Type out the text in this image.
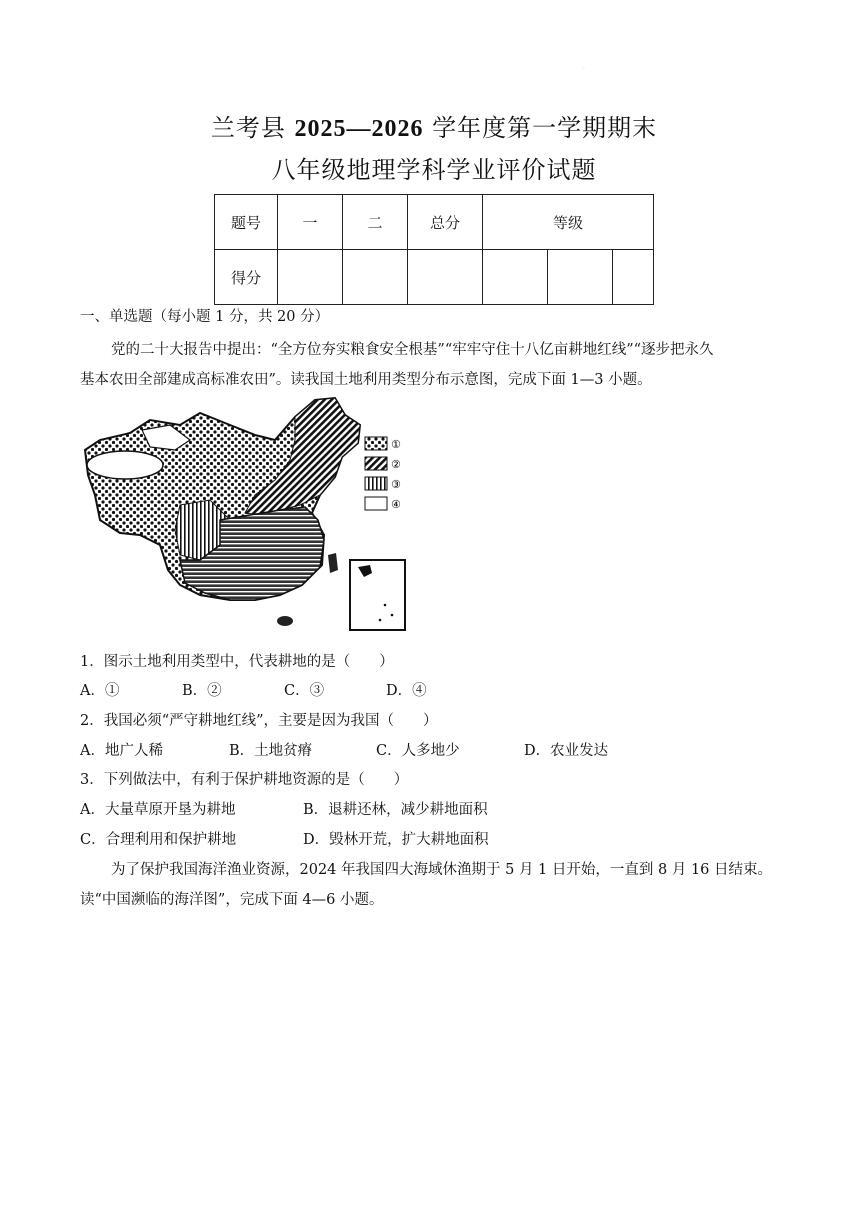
·
兰考县 2025—2026 学年度第一学期期末
八年级地理学科学业评价试题
题号	一	二	总分	等级		
得分						
一、单选题（每小题 1 分，共 20 分）
党的二十大报告中提出：“全方位夯实粮食安全根基”“牢牢守住十八亿亩耕地红线”“逐步把永久
基本农田全部建成高标准农田”。读我国土地利用类型分布示意图，完成下面 1—3 小题。
①
②
③
④
1．图示土地利用类型中，代表耕地的是（　　）
A．①	B．②	C．③	D．④
2．我国必须“严守耕地红线”，主要是因为我国（　　）
A．地广人稀	B．土地贫瘠	C．人多地少	D．农业发达
3．下列做法中，有利于保护耕地资源的是（　　）
A．大量草原开垦为耕地	B．退耕还林，减少耕地面积
C．合理利用和保护耕地	D．毁林开荒，扩大耕地面积
为了保护我国海洋渔业资源，2024 年我国四大海域休渔期于 5 月 1 日开始，一直到 8 月 16 日结束。
读“中国濒临的海洋图”，完成下面 4—6 小题。
